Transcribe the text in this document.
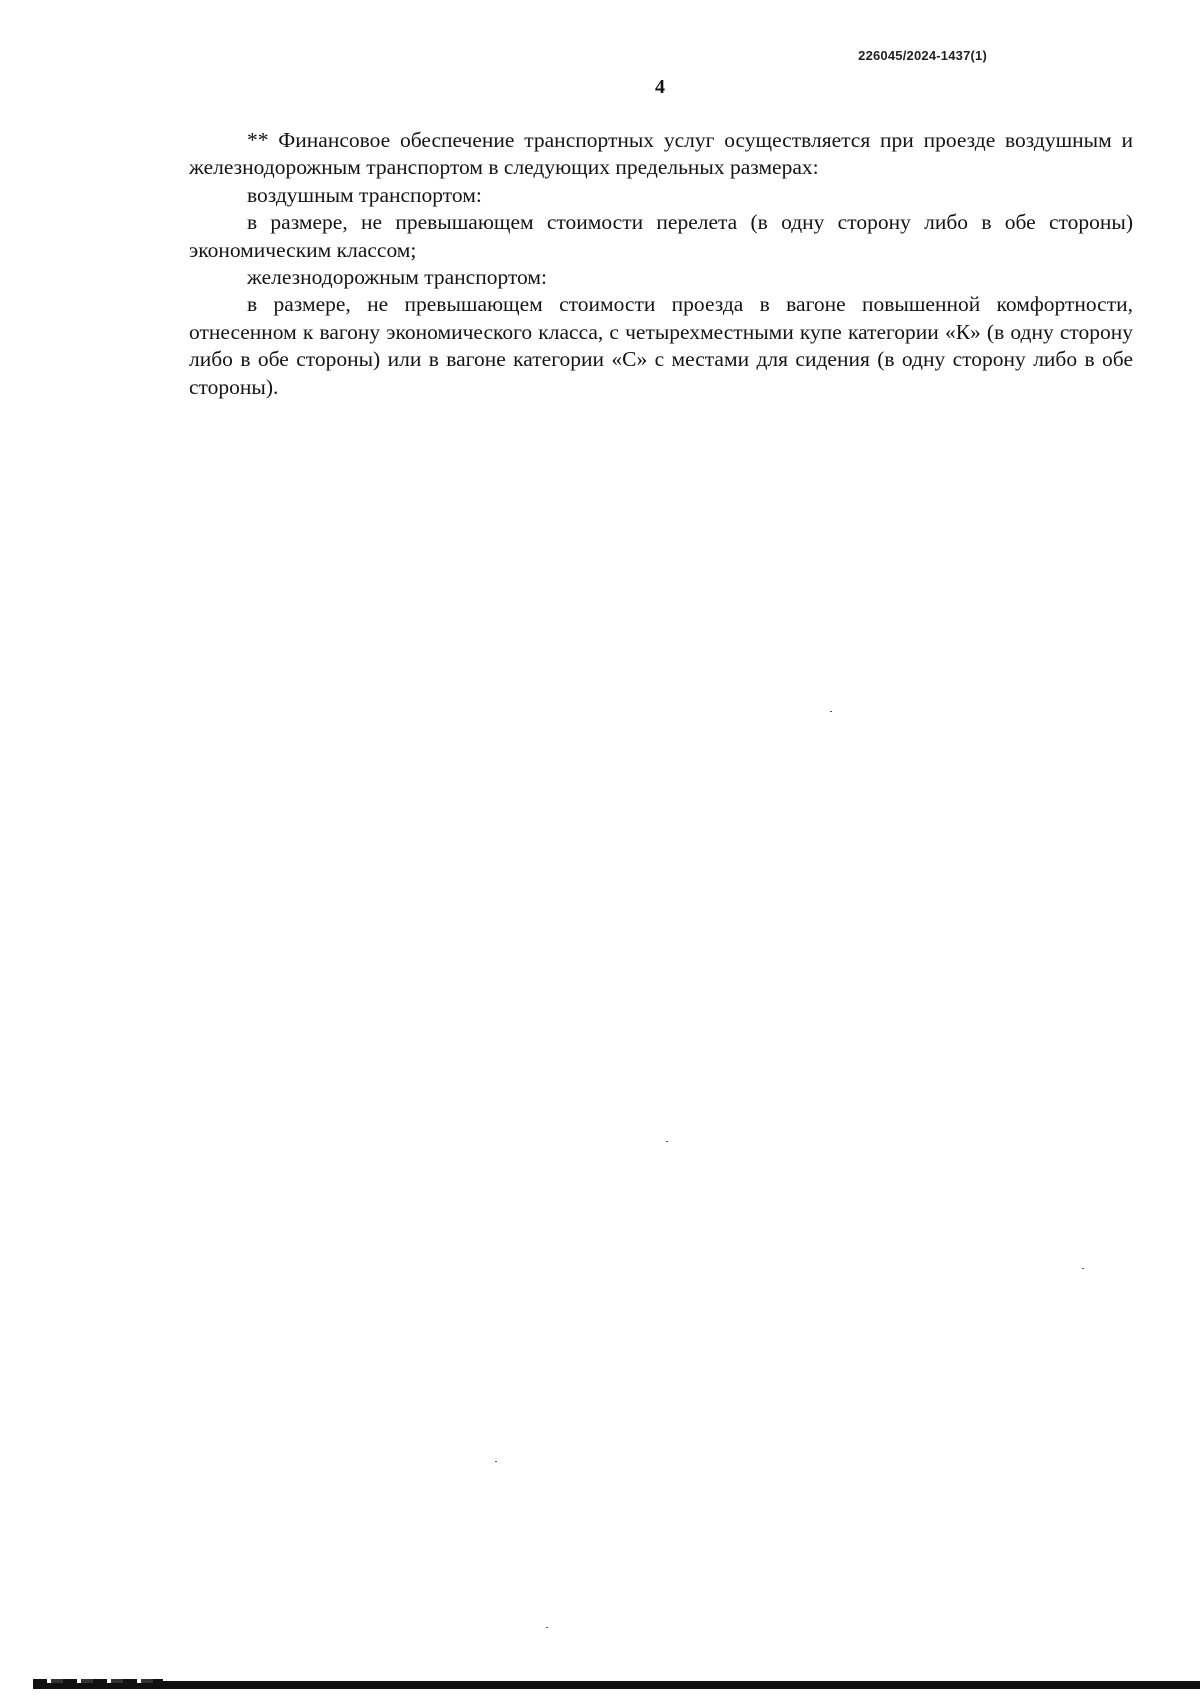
226045/2024-1437(1)
4

** Финансовое обеспечение транспортных услуг осуществляется при проезде воздушным и железнодорожным транспортом в следующих предельных размерах:

воздушным транспортом:

в размере, не превышающем стоимости перелета (в одну сторону либо в обе стороны) экономическим классом;

железнодорожным транспортом:

в размере, не превышающем стоимости проезда в вагоне повышенной комфортности, отнесенном к вагону экономического класса, с четырехместными купе категории «К» (в одну сторону либо в обе стороны) или в вагоне категории «С» с местами для сидения (в одну сторону либо в обе стороны).
